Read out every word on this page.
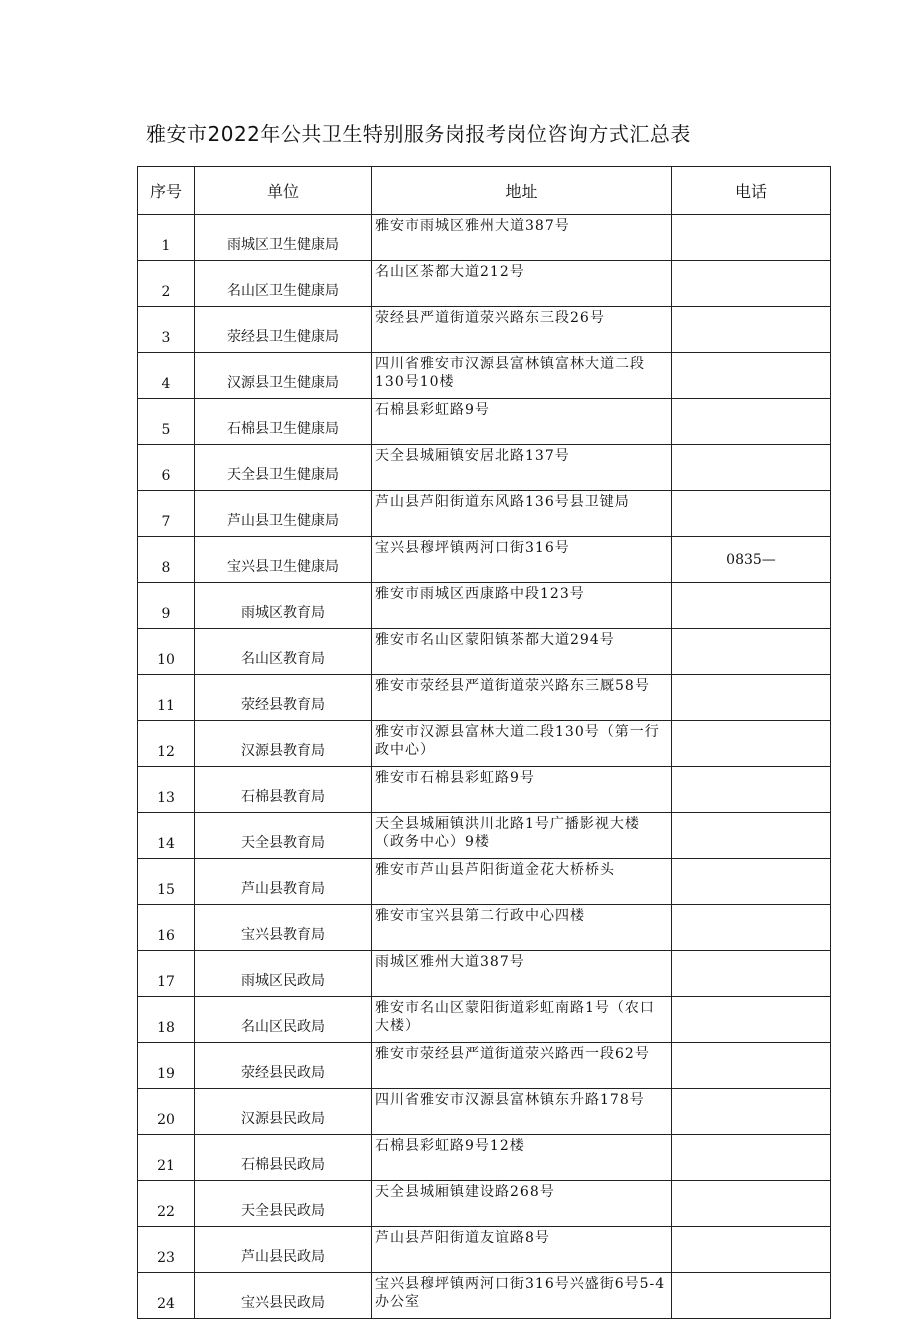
雅安市2022年公共卫生特别服务岗报考岗位咨询方式汇总表
序号	单位	地址	电话
1	雨城区卫生健康局	雅安市雨城区雅州大道387号	
2	名山区卫生健康局	名山区茶都大道212号	
3	荥经县卫生健康局	荥经县严道街道荥兴路东三段26号	
4	汉源县卫生健康局	四川省雅安市汉源县富林镇富林大道二段130号10楼	
5	石棉县卫生健康局	石棉县彩虹路9号	
6	天全县卫生健康局	天全县城厢镇安居北路137号	
7	芦山县卫生健康局	芦山县芦阳街道东风路136号县卫键局	
8	宝兴县卫生健康局	宝兴县穆坪镇两河口街316号	0835—
9	雨城区教育局	雅安市雨城区西康路中段123号	
10	名山区教育局	雅安市名山区蒙阳镇茶都大道294号	
11	荥经县教育局	雅安市荥经县严道街道荥兴路东三厩58号	
12	汉源县教育局	雅安市汉源县富林大道二段130号（第一行政中心）	
13	石棉县教育局	雅安市石棉县彩虹路9号	
14	天全县教育局	天全县城厢镇洪川北路1号广播影视大楼（政务中心）9楼	
15	芦山县教育局	雅安市芦山县芦阳街道金花大桥桥头	
16	宝兴县教育局	雅安市宝兴县第二行政中心四楼	
17	雨城区民政局	雨城区雅州大道387号	
18	名山区民政局	雅安市名山区蒙阳街道彩虹南路1号（农口大楼）	
19	荥经县民政局	雅安市荥经县严道街道荥兴路西一段62号	
20	汉源县民政局	四川省雅安市汉源县富林镇东升路178号	
21	石棉县民政局	石棉县彩虹路9号12楼	
22	天全县民政局	天全县城厢镇建设路268号	
23	芦山县民政局	芦山县芦阳街道友谊路8号	
24	宝兴县民政局	宝兴县穆坪镇两河口街316号兴盛街6号5-4办公室	
